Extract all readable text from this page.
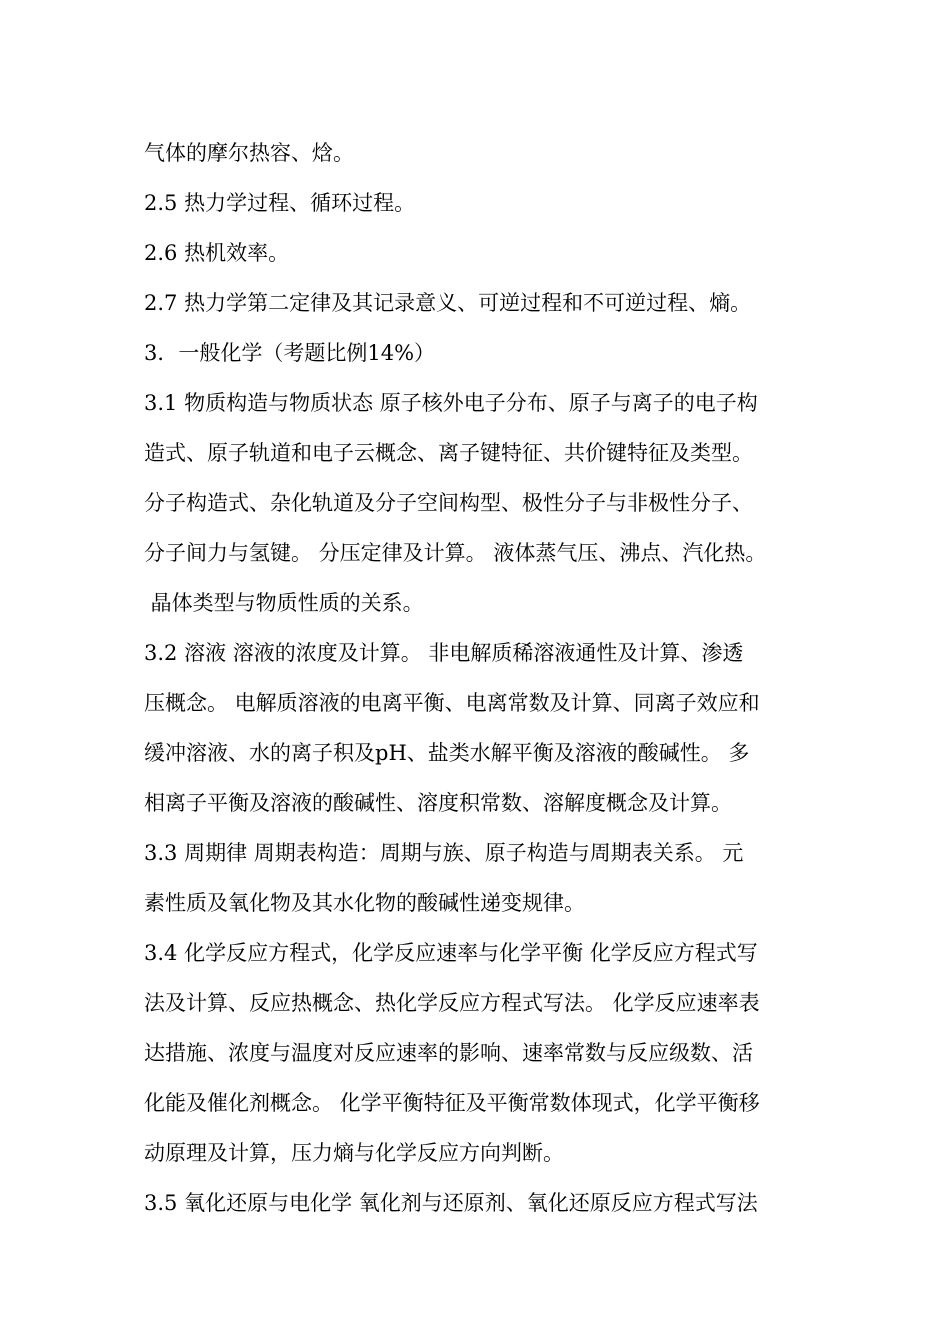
气体的摩尔热容、焓。
2.5 热力学过程、循环过程。
2.6 热机效率。
2.7 热力学第二定律及其记录意义、可逆过程和不可逆过程、熵。
3．一般化学（考题比例14%）
3.1 物质构造与物质状态 原子核外电子分布、原子与离子的电子构
造式、原子轨道和电子云概念、离子键特征、共价键特征及类型。
分子构造式、杂化轨道及分子空间构型、极性分子与非极性分子、
分子间力与氢键。 分压定律及计算。 液体蒸气压、沸点、汽化热。
晶体类型与物质性质的关系。
3.2 溶液 溶液的浓度及计算。 非电解质稀溶液通性及计算、渗透
压概念。 电解质溶液的电离平衡、电离常数及计算、同离子效应和
缓冲溶液、水的离子积及pH、盐类水解平衡及溶液的酸碱性。 多
相离子平衡及溶液的酸碱性、溶度积常数、溶解度概念及计算。
3.3 周期律 周期表构造：周期与族、原子构造与周期表关系。 元
素性质及氧化物及其水化物的酸碱性递变规律。
3.4 化学反应方程式，化学反应速率与化学平衡 化学反应方程式写
法及计算、反应热概念、热化学反应方程式写法。 化学反应速率表
达措施、浓度与温度对反应速率的影响、速率常数与反应级数、活
化能及催化剂概念。 化学平衡特征及平衡常数体现式，化学平衡移
动原理及计算，压力熵与化学反应方向判断。
3.5 氧化还原与电化学 氧化剂与还原剂、氧化还原反应方程式写法
